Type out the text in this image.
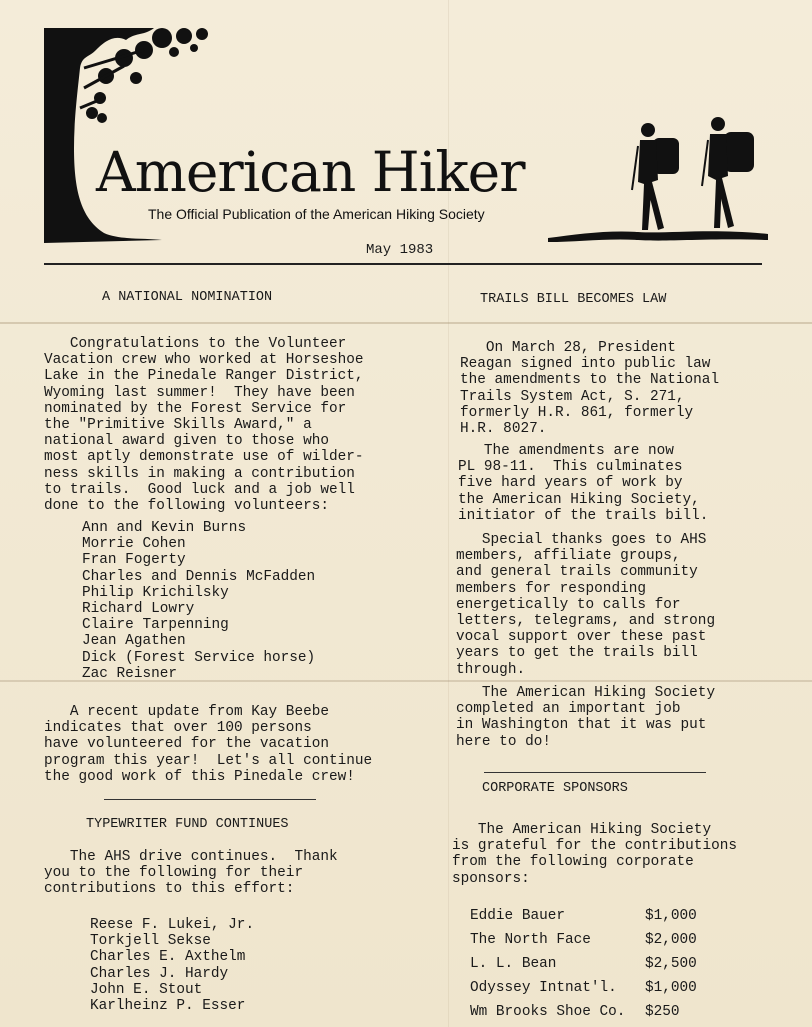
American Hiker
The Official Publication of the American Hiking Society
May 1983
A NATIONAL NOMINATION
Congratulations to the Volunteer
Vacation crew who worked at Horseshoe
Lake in the Pinedale Ranger District,
Wyoming last summer!  They have been
nominated by the Forest Service for
the "Primitive Skills Award," a
national award given to those who
most aptly demonstrate use of wilder-
ness skills in making a contribution
to trails.  Good luck and a job well
done to the following volunteers:
Ann and Kevin Burns
Morrie Cohen
Fran Fogerty
Charles and Dennis McFadden
Philip Krichilsky
Richard Lowry
Claire Tarpenning
Jean Agathen
Dick (Forest Service horse)
Zac Reisner
A recent update from Kay Beebe
indicates that over 100 persons
have volunteered for the vacation
program this year!  Let's all continue
the good work of this Pinedale crew!
TYPEWRITER FUND CONTINUES
The AHS drive continues.  Thank
you to the following for their
contributions to this effort:
Reese F. Lukei, Jr.
Torkjell Sekse
Charles E. Axthelm
Charles J. Hardy
John E. Stout
Karlheinz P. Esser
TRAILS BILL BECOMES LAW
On March 28, President
Reagan signed into public law
the amendments to the National
Trails System Act, S. 271,
formerly H.R. 861, formerly
H.R. 8027.
The amendments are now
PL 98-11.  This culminates
five hard years of work by
the American Hiking Society,
initiator of the trails bill.
Special thanks goes to AHS
members, affiliate groups,
and general trails community
members for responding
energetically to calls for
letters, telegrams, and strong
vocal support over these past
years to get the trails bill
through.
The American Hiking Society
completed an important job
in Washington that it was put
here to do!
CORPORATE SPONSORS
The American Hiking Society
is grateful for the contributions
from the following corporate
sponsors:
Eddie Bauer	$1,000
The North Face	$2,000
L. L. Bean	$2,500
Odyssey Intnat'l. $1,000
Wm Brooks Shoe Co. $250
